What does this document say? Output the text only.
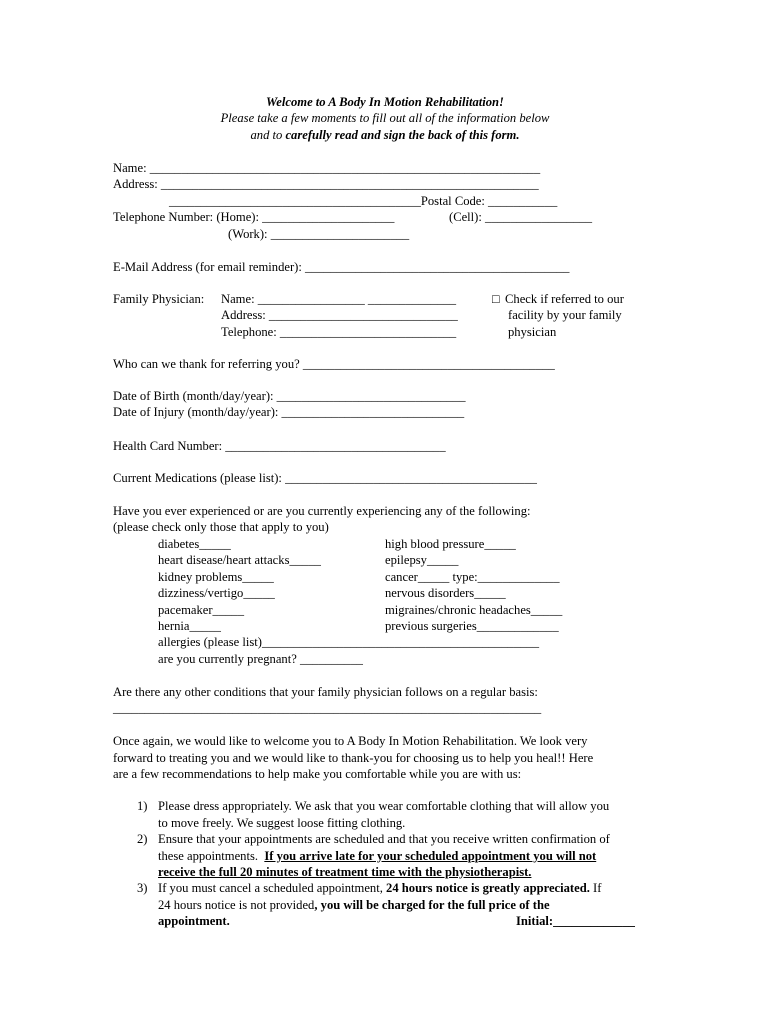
Welcome to A Body In Motion Rehabilitation!
Please take a few moments to fill out all of the information below
and to carefully read and sign the back of this form.
Name: ______________________________________________________________
Address: ____________________________________________________________
________________________________________Postal Code: ___________
Telephone Number: (Home): _____________________	(Cell): _________________
(Work): ______________________
E-Mail Address (for email reminder): __________________________________________
Family Physician: Name: _________________ ______________
Address: ______________________________
Telephone: ____________________________
□ Check if referred to our
facility by your family
physician
Who can we thank for referring you? ________________________________________
Date of Birth (month/day/year): ______________________________
Date of Injury (month/day/year): _____________________________
Health Card Number: ___________________________________
Current Medications (please list): ________________________________________
Have you ever experienced or are you currently experiencing any of the following:
(please check only those that apply to you)
diabetes_____
heart disease/heart attacks_____
kidney problems_____
dizziness/vertigo_____
pacemaker_____
hernia_____
high blood pressure_____
epilepsy_____
cancer_____ type:_____________
nervous disorders_____
migraines/chronic headaches_____
previous surgeries_____________
allergies (please list)____________________________________________
are you currently pregnant? __________
Are there any other conditions that your family physician follows on a regular basis:
____________________________________________________________________
Once again, we would like to welcome you to A Body In Motion Rehabilitation. We look very
forward to treating you and we would like to thank-you for choosing us to help you heal!! Here
are a few recommendations to help make you comfortable while you are with us:
1) Please dress appropriately. We ask that you wear comfortable clothing that will allow you
to move freely. We suggest loose fitting clothing.
2) Ensure that your appointments are scheduled and that you receive written confirmation of
these appointments.  If you arrive late for your scheduled appointment you will not
receive the full 20 minutes of treatment time with the physiotherapist.
3) If you must cancel a scheduled appointment, 24 hours notice is greatly appreciated. If
24 hours notice is not provided, you will be charged for the full price of the
appointment.	Initial:_____________
